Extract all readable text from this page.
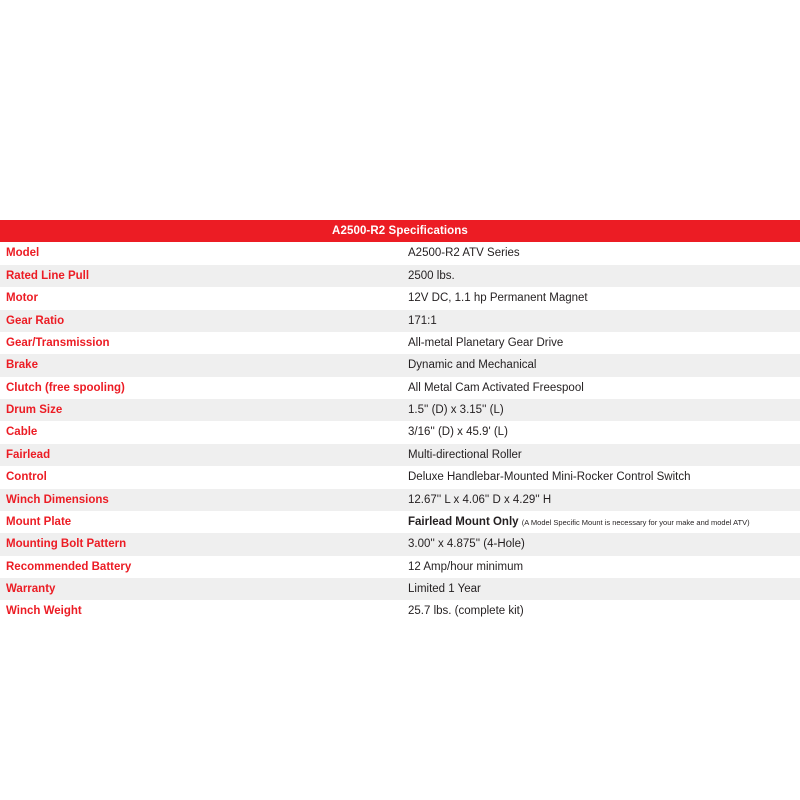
A2500-R2 Specifications	
Model	A2500-R2 ATV Series
Rated Line Pull	2500 lbs.
Motor	12V DC, 1.1 hp Permanent Magnet
Gear Ratio	171:1
Gear/Transmission	All-metal Planetary Gear Drive
Brake	Dynamic and Mechanical
Clutch (free spooling)	All Metal Cam Activated Freespool
Drum Size	1.5'' (D) x 3.15'' (L)
Cable	3/16'' (D) x 45.9' (L)
Fairlead	Multi-directional Roller
Control	Deluxe Handlebar-Mounted Mini-Rocker Control Switch
Winch Dimensions	12.67'' L x 4.06'' D x 4.29'' H
Mount Plate	Fairlead Mount Only (A Model Specific Mount is necessary for your make and model ATV)
Mounting Bolt Pattern	3.00'' x 4.875'' (4-Hole)
Recommended Battery	12 Amp/hour minimum
Warranty	Limited 1 Year
Winch Weight	25.7 lbs. (complete kit)
